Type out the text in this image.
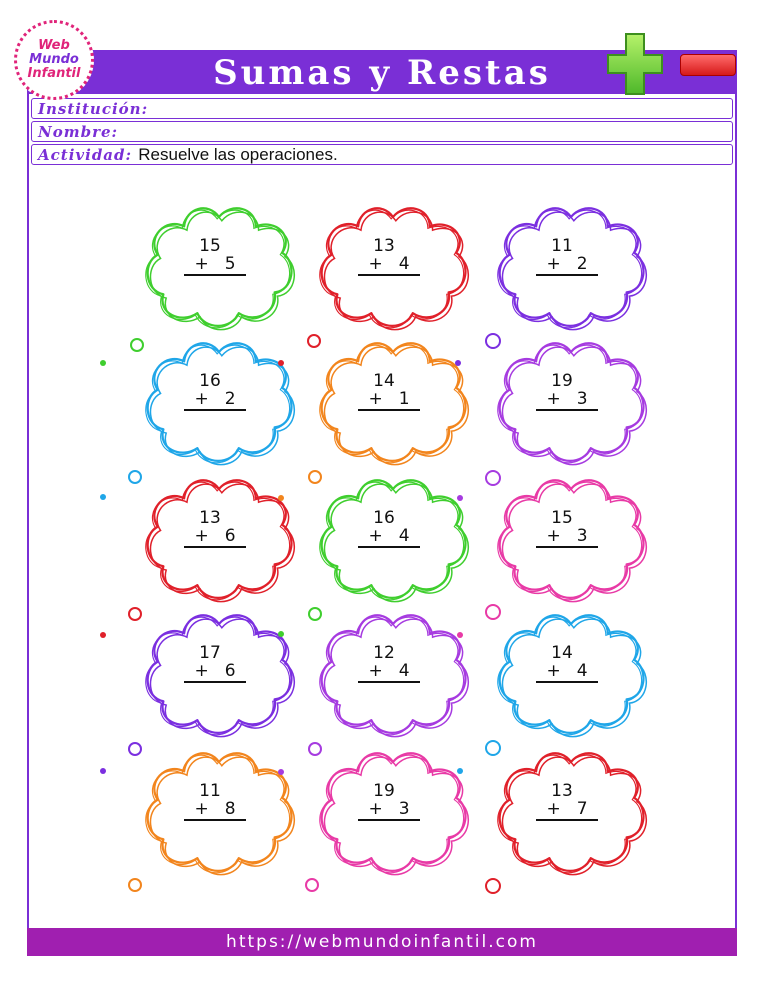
Sumas y Restas
Web
Mundo
Infantil
Institución:
Nombre:
Actividad: Resuelve las operaciones.
15
+ 5
13
+ 4
11
+ 2
16
+ 2
14
+ 1
19
+ 3
13
+ 6
16
+ 4
15
+ 3
17
+ 6
12
+ 4
14
+ 4
11
+ 8
19
+ 3
13
+ 7
https://webmundoinfantil.com
